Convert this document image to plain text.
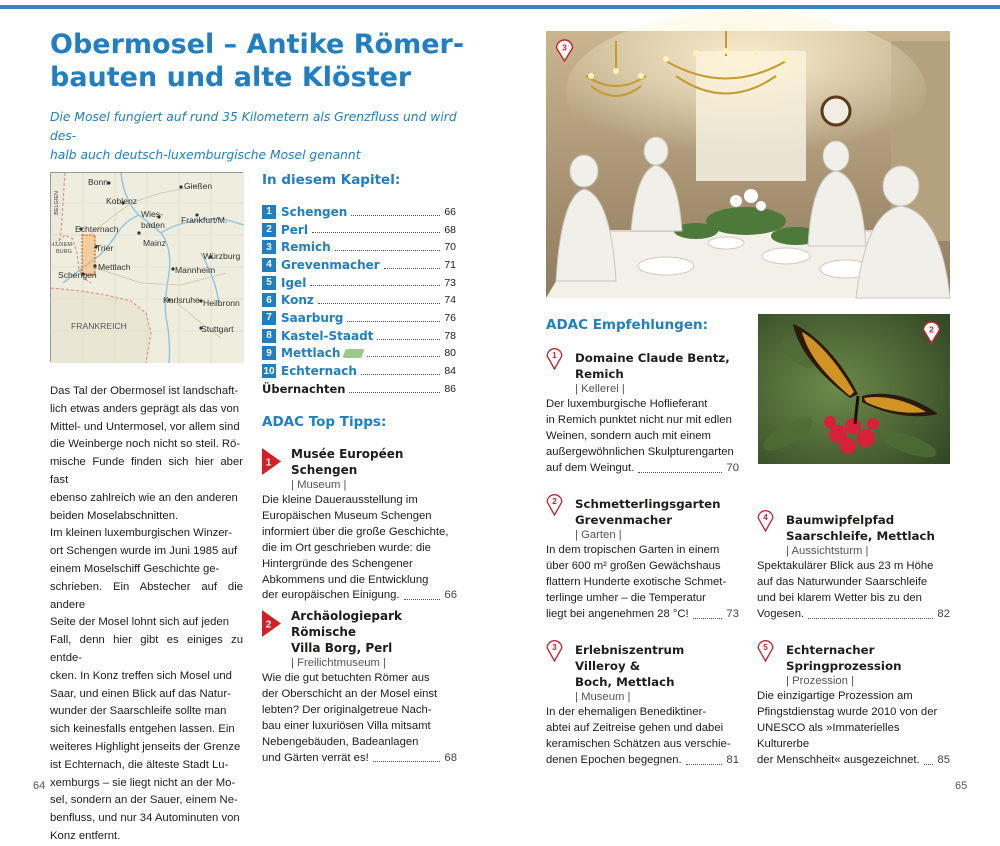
Obermosel – Antike Römer-
bauten und alte Klöster

Die Mosel fungiert auf rund 35 Kilometern als Grenzfluss und wird des-
halb auch deutsch-luxemburgische Mosel genannt

Bonn	Gießen
Koblenz
Wies-
baden Frankfurt/M.
Echternach
Trier	Mainz
Mettlach
Würzburg
Schengen	Mannheim
Karlsruhe Heilbronn
Stuttgart
BELGIEN
LUXEM-
BURG
FRANKREICH
Das Tal der Obermosel ist landschaft-
lich etwas anders geprägt als das von
Mittel- und Untermosel, vor allem sind
die Weinberge noch nicht so steil. Rö-
mische Funde finden sich hier aber fast
ebenso zahlreich wie an den anderen
beiden Moselabschnitten.
Im kleinen luxemburgischen Winzer-
ort Schengen wurde im Juni 1985 auf
einem Moselschiff Geschichte ge-
schrieben. Ein Abstecher auf die andere
Seite der Mosel lohnt sich auf jeden
Fall, denn hier gibt es einiges zu entde-
cken. In Konz treffen sich Mosel und
Saar, und einen Blick auf das Natur-
wunder der Saarschleife sollte man
sich keinesfalls entgehen lassen. Ein
weiteres Highlight jenseits der Grenze
ist Echternach, die älteste Stadt Lu-
xemburgs – sie liegt nicht an der Mo-
sel, sondern an der Sauer, einem Ne-
benfluss, und nur 34 Autominuten von
Konz entfernt.
In diesem Kapitel:
1 Schengen	66
2 Perl	68
3 Remich	70
4 Grevenmacher	71
5 Igel	73
6 Konz	74
7 Saarburg	76
8 Kastel-Staadt	78
9 Mettlach	80
10 Echternach	84
Übernachten	86
ADAC Top Tipps:
1
Musée Européen Schengen
| Museum |
Die kleine Dauerausstellung im
Europäischen Museum Schengen
informiert über die große Geschichte,
die im Ort geschrieben wurde: die
Hintergründe des Schengener
Abkommens und die Entwicklung
der europäischen Einigung.	66
2
Archäologiepark Römische
Villa Borg, Perl
| Freilichtmuseum |
Wie die gut betuchten Römer aus
der Oberschicht an der Mosel einst
lebten? Der originalgetreue Nach-
bau einer luxuriösen Villa mitsamt
Nebengebäuden, Badeanlagen
und Gärten verrät es!	68
64
3
2
ADAC Empfehlungen:
1 Domaine Claude Bentz,
Remich
| Kellerei |
Der luxemburgische Hoflieferant
in Remich punktet nicht nur mit edlen
Weinen, sondern auch mit einem
außergewöhnlichen Skulpturengarten
auf dem Weingut.	70
2 Schmetterlingsgarten
Grevenmacher
| Garten |
In dem tropischen Garten in einem
über 600 m² großen Gewächshaus
flattern Hunderte exotische Schmet-
terlinge umher – die Temperatur
liegt bei angenehmen 28 °C!	73
3 Erlebniszentrum Villeroy &
Boch, Mettlach
| Museum |
In der ehemaligen Benediktiner-
abtei auf Zeitreise gehen und dabei
keramischen Schätzen aus verschie-
denen Epochen begegnen.	81
4 Baumwipfelpfad
Saarschleife, Mettlach
| Aussichtsturm |
Spektakulärer Blick aus 23 m Höhe
auf das Naturwunder Saarschleife
und bei klarem Wetter bis zu den
Vogesen.	82
5 Echternacher
Springprozession
| Prozession |
Die einzigartige Prozession am
Pfingstdienstag wurde 2010 von der
UNESCO als »Immaterielles Kulturerbe
der Menschheit« ausgezeichnet. 85
65
